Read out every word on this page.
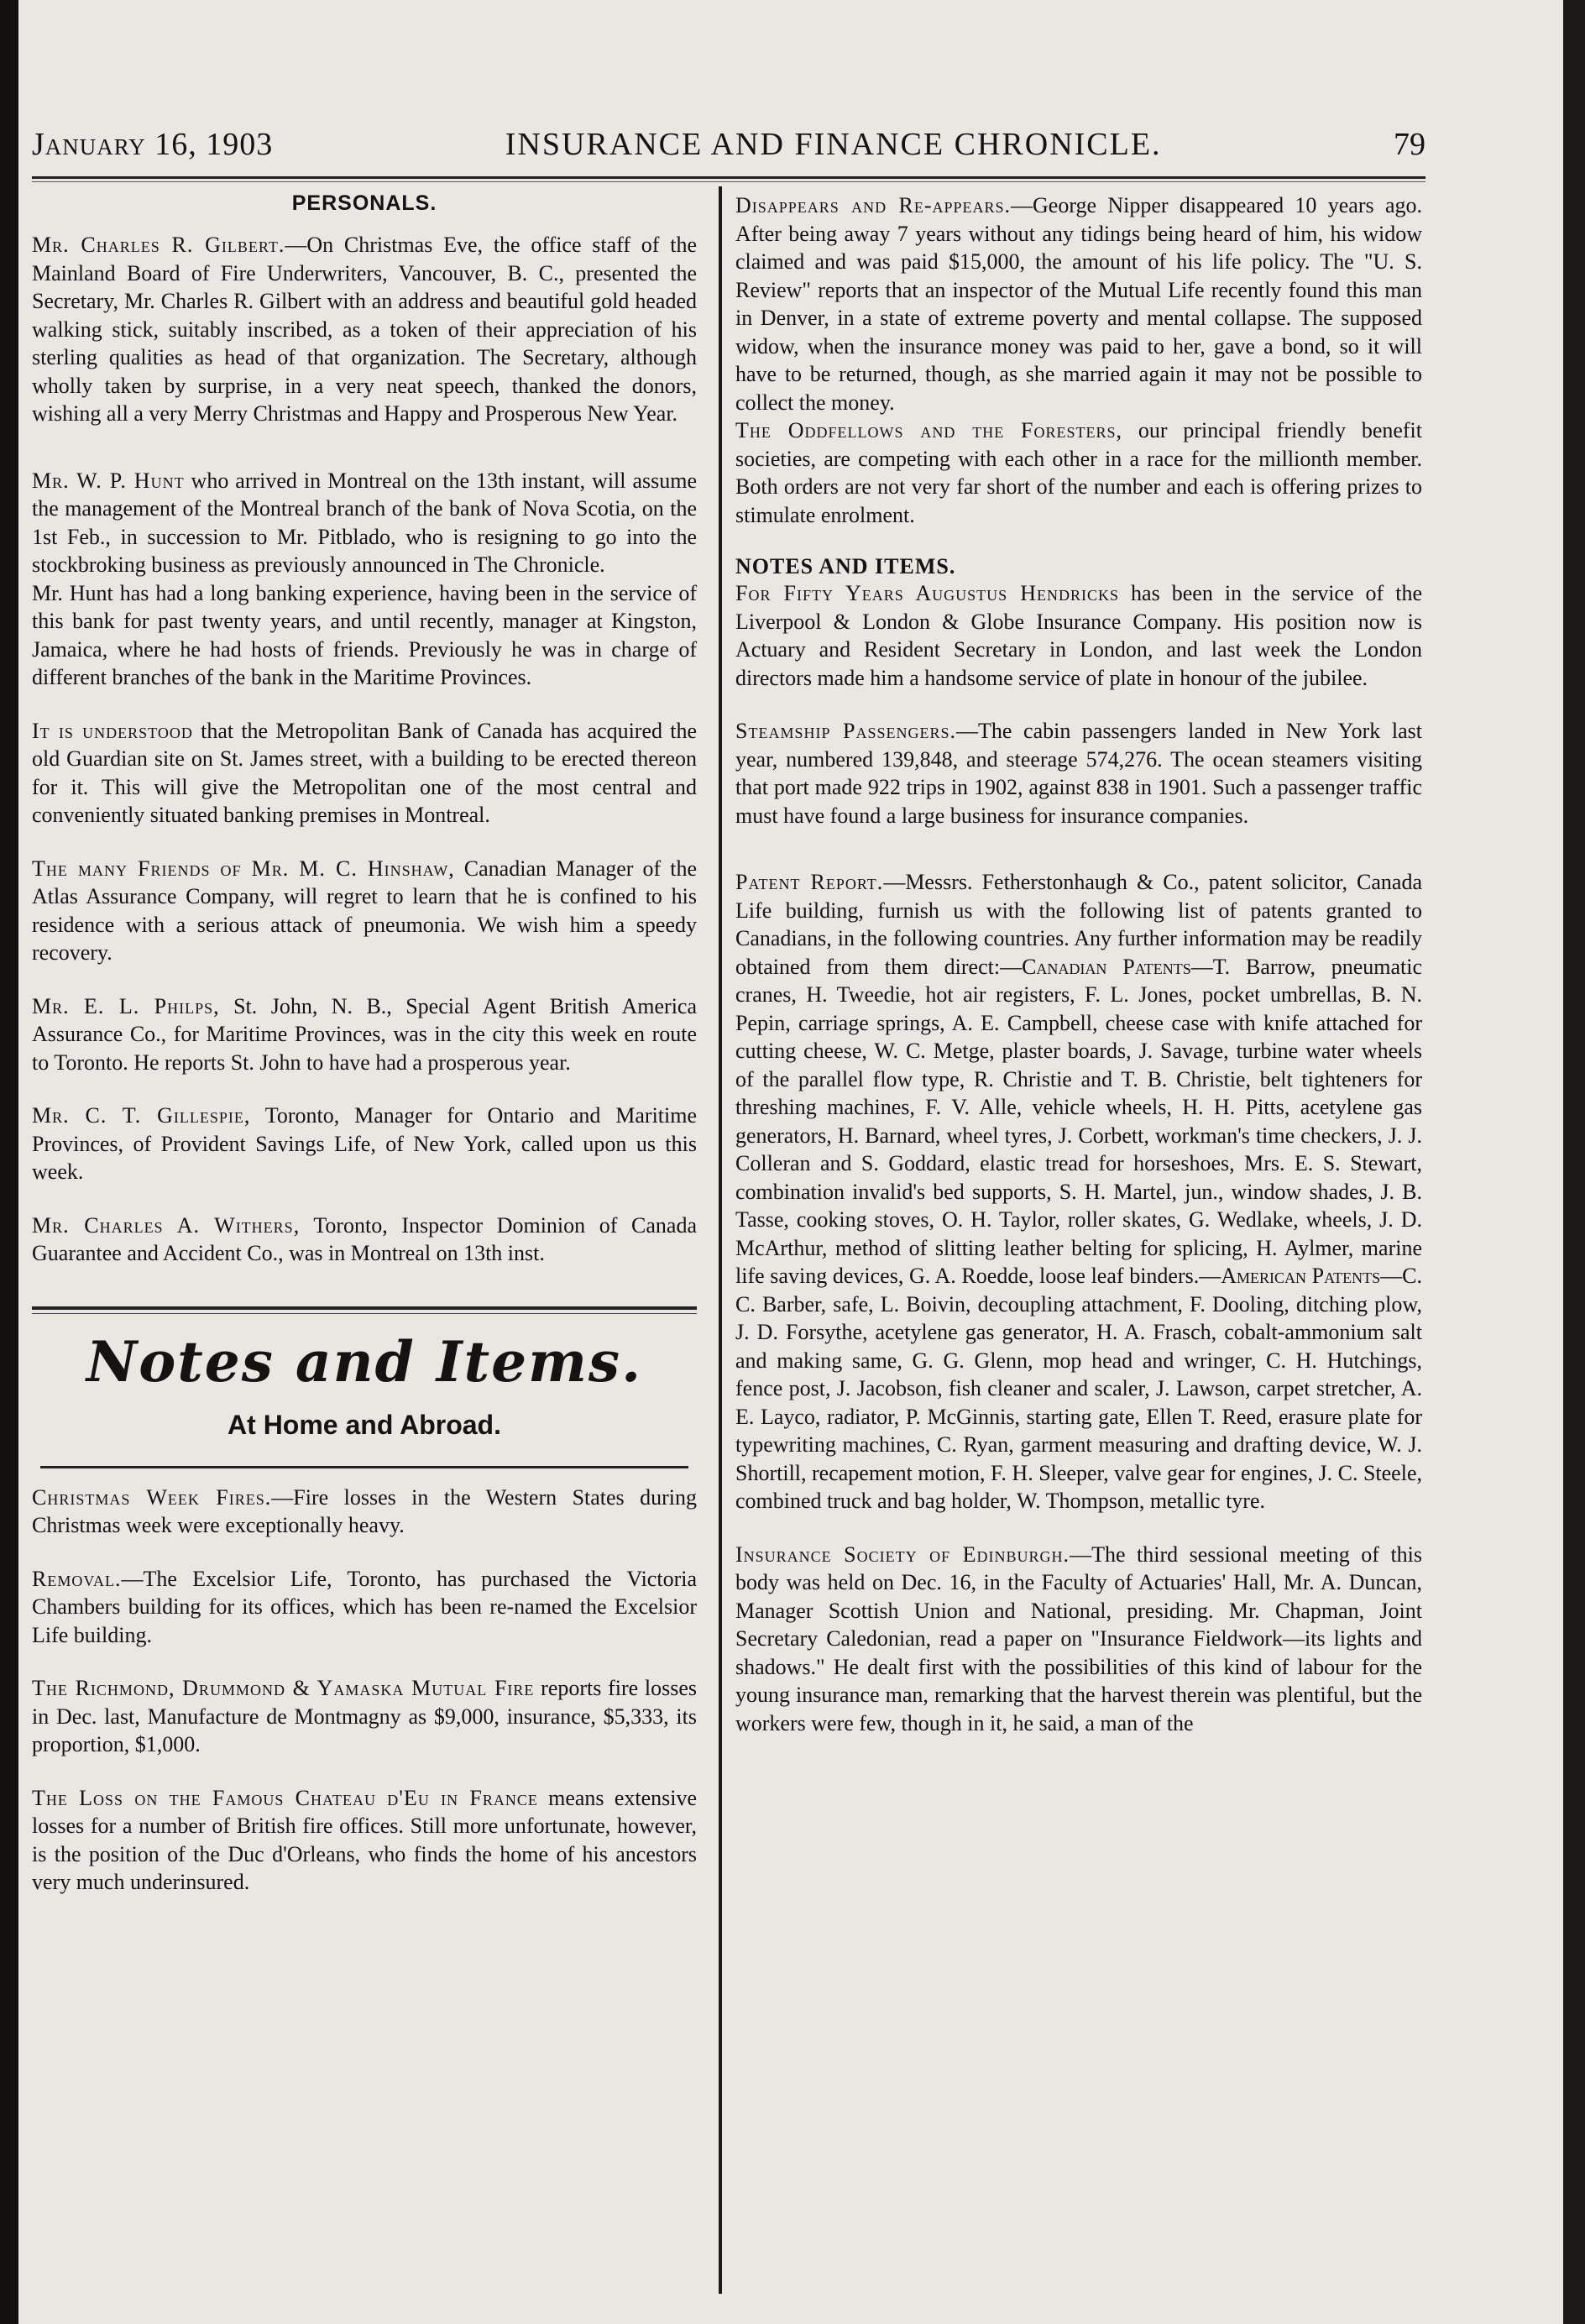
January 16, 1903	INSURANCE AND FINANCE CHRONICLE.	79

PERSONALS.

Mr. Charles R. Gilbert.—On Christmas Eve, the office staff of the Mainland Board of Fire Underwriters, Vancouver, B. C., presented the Secretary, Mr. Charles R. Gilbert with an address and beautiful gold headed walking stick, suitably inscribed, as a token of their appreciation of his sterling qualities as head of that organization. The Secretary, although wholly taken by surprise, in a very neat speech, thanked the donors, wishing all a very Merry Christmas and Happy and Prosperous New Year.

Mr. W. P. Hunt who arrived in Montreal on the 13th instant, will assume the management of the Montreal branch of the bank of Nova Scotia, on the 1st Feb., in succession to Mr. Pitblado, who is resigning to go into the stockbroking business as previously announced in The Chronicle.

Mr. Hunt has had a long banking experience, having been in the service of this bank for past twenty years, and until recently, manager at Kingston, Jamaica, where he had hosts of friends. Previously he was in charge of different branches of the bank in the Maritime Provinces.

It is understood that the Metropolitan Bank of Canada has acquired the old Guardian site on St. James street, with a building to be erected thereon for it. This will give the Metropolitan one of the most central and conveniently situated banking premises in Montreal.

The many Friends of Mr. M. C. Hinshaw, Canadian Manager of the Atlas Assurance Company, will regret to learn that he is confined to his residence with a serious attack of pneumonia. We wish him a speedy recovery.

Mr. E. L. Philps, St. John, N. B., Special Agent British America Assurance Co., for Maritime Provinces, was in the city this week en route to Toronto. He reports St. John to have had a prosperous year.

Mr. C. T. Gillespie, Toronto, Manager for Ontario and Maritime Provinces, of Provident Savings Life, of New York, called upon us this week.

Mr. Charles A. Withers, Toronto, Inspector Dominion of Canada Guarantee and Accident Co., was in Montreal on 13th inst.

Notes and Items.

At Home and Abroad.

Christmas Week Fires.—Fire losses in the Western States during Christmas week were exceptionally heavy.

Removal.—The Excelsior Life, Toronto, has purchased the Victoria Chambers building for its offices, which has been re-named the Excelsior Life building.

The Richmond, Drummond & Yamaska Mutual Fire reports fire losses in Dec. last, Manufacture de Montmagny as $9,000, insurance, $5,333, its proportion, $1,000.

The Loss on the Famous Chateau d'Eu in France means extensive losses for a number of British fire offices. Still more unfortunate, however, is the position of the Duc d'Orleans, who finds the home of his ancestors very much underinsured.

Disappears and Re-appears.—George Nipper disappeared 10 years ago. After being away 7 years without any tidings being heard of him, his widow claimed and was paid $15,000, the amount of his life policy. The "U. S. Review" reports that an inspector of the Mutual Life recently found this man in Denver, in a state of extreme poverty and mental collapse. The supposed widow, when the insurance money was paid to her, gave a bond, so it will have to be returned, though, as she married again it may not be possible to collect the money.

The Oddfellows and the Foresters, our principal friendly benefit societies, are competing with each other in a race for the millionth member. Both orders are not very far short of the number and each is offering prizes to stimulate enrolment.

NOTES AND ITEMS.

For Fifty Years Augustus Hendricks has been in the service of the Liverpool & London & Globe Insurance Company. His position now is Actuary and Resident Secretary in London, and last week the London directors made him a handsome service of plate in honour of the jubilee.

Steamship Passengers.—The cabin passengers landed in New York last year, numbered 139,848, and steerage 574,276. The ocean steamers visiting that port made 922 trips in 1902, against 838 in 1901. Such a passenger traffic must have found a large business for insurance companies.

Patent Report.—Messrs. Fetherstonhaugh & Co., patent solicitor, Canada Life building, furnish us with the following list of patents granted to Canadians, in the following countries. Any further information may be readily obtained from them direct:—Canadian Patents—T. Barrow, pneumatic cranes, H. Tweedie, hot air registers, F. L. Jones, pocket umbrellas, B. N. Pepin, carriage springs, A. E. Campbell, cheese case with knife attached for cutting cheese, W. C. Metge, plaster boards, J. Savage, turbine water wheels of the parallel flow type, R. Christie and T. B. Christie, belt tighteners for threshing machines, F. V. Alle, vehicle wheels, H. H. Pitts, acetylene gas generators, H. Barnard, wheel tyres, J. Corbett, workman's time checkers, J. J. Colleran and S. Goddard, elastic tread for horseshoes, Mrs. E. S. Stewart, combination invalid's bed supports, S. H. Martel, jun., window shades, J. B. Tasse, cooking stoves, O. H. Taylor, roller skates, G. Wedlake, wheels, J. D. McArthur, method of slitting leather belting for splicing, H. Aylmer, marine life saving devices, G. A. Roedde, loose leaf binders.—American Patents—C. C. Barber, safe, L. Boivin, decoupling attachment, F. Dooling, ditching plow, J. D. Forsythe, acetylene gas generator, H. A. Frasch, cobalt-ammonium salt and making same, G. G. Glenn, mop head and wringer, C. H. Hutchings, fence post, J. Jacobson, fish cleaner and scaler, J. Lawson, carpet stretcher, A. E. Layco, radiator, P. McGinnis, starting gate, Ellen T. Reed, erasure plate for typewriting machines, C. Ryan, garment measuring and drafting device, W. J. Shortill, recapement motion, F. H. Sleeper, valve gear for engines, J. C. Steele, combined truck and bag holder, W. Thompson, metallic tyre.

Insurance Society of Edinburgh.—The third sessional meeting of this body was held on Dec. 16, in the Faculty of Actuaries' Hall, Mr. A. Duncan, Manager Scottish Union and National, presiding. Mr. Chapman, Joint Secretary Caledonian, read a paper on "Insurance Fieldwork—its lights and shadows." He dealt first with the possibilities of this kind of labour for the young insurance man, remarking that the harvest therein was plentiful, but the workers were few, though in it, he said, a man of the
